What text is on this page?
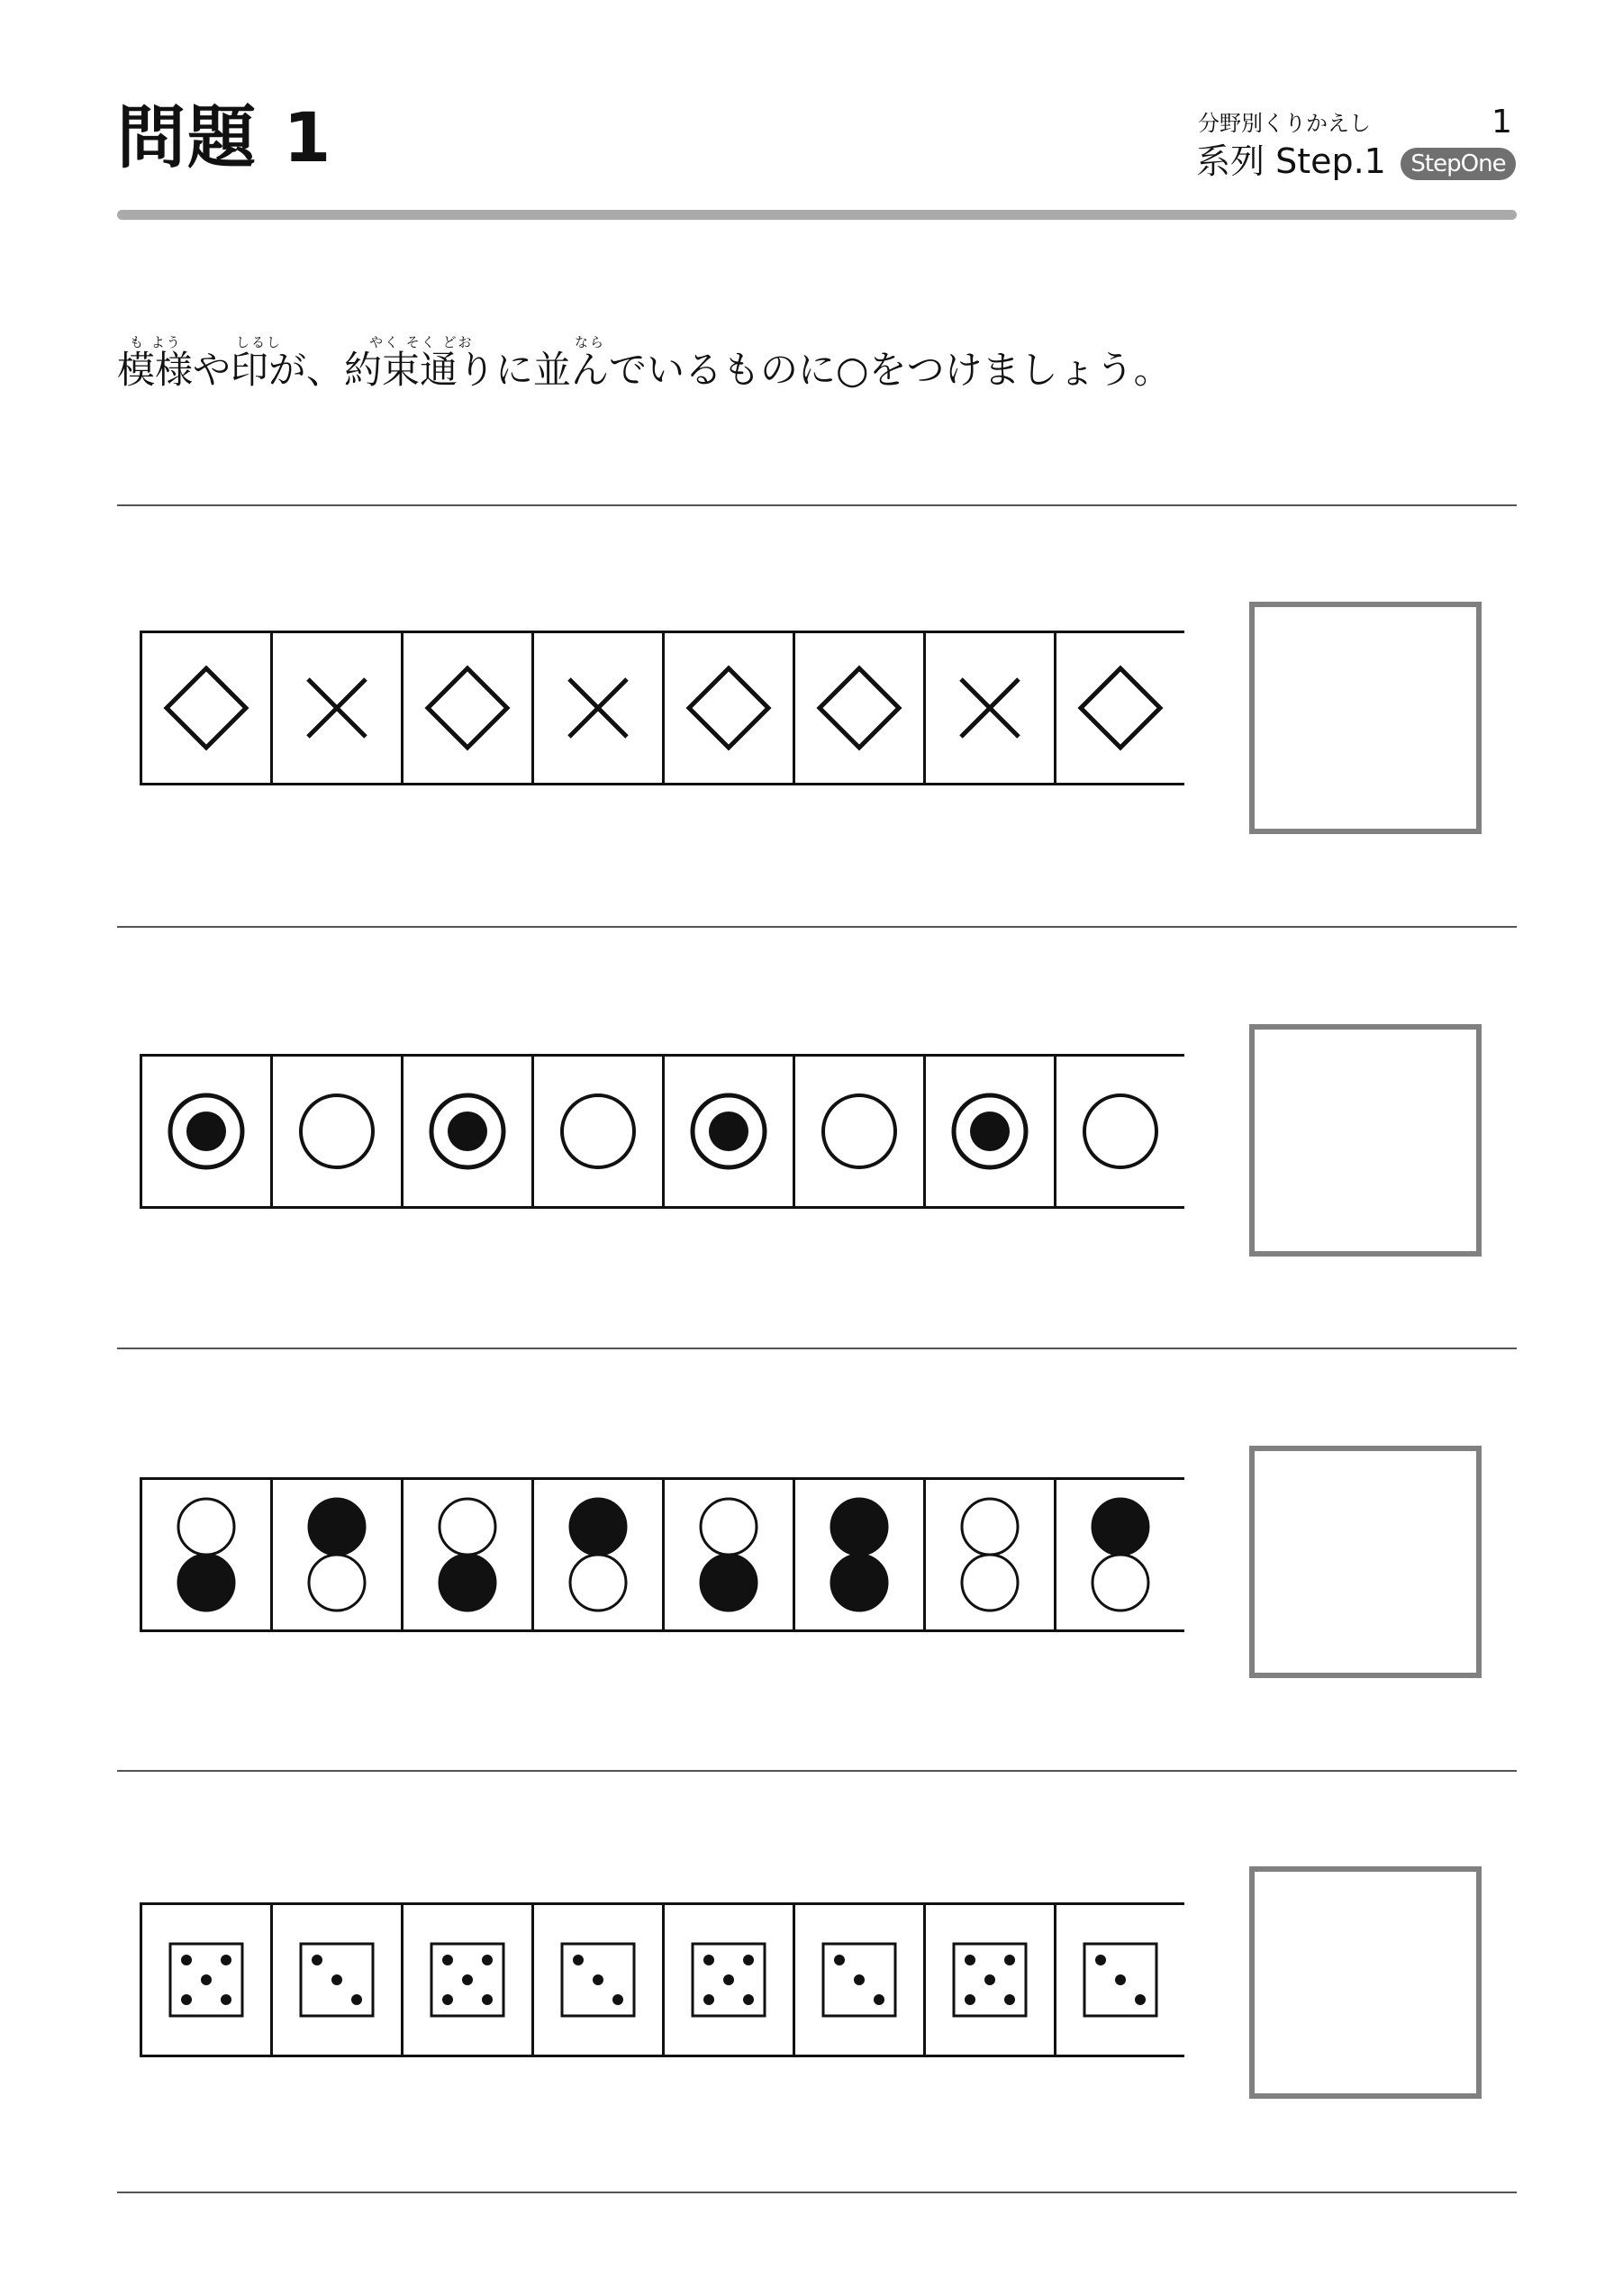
問題 1	分野別くりかえし	1
系列 Step.1	StepOne
も よう	しるし	やく そく どお	なら
模様や印が、約束通りに並んでいるものに○をつけましょう。
